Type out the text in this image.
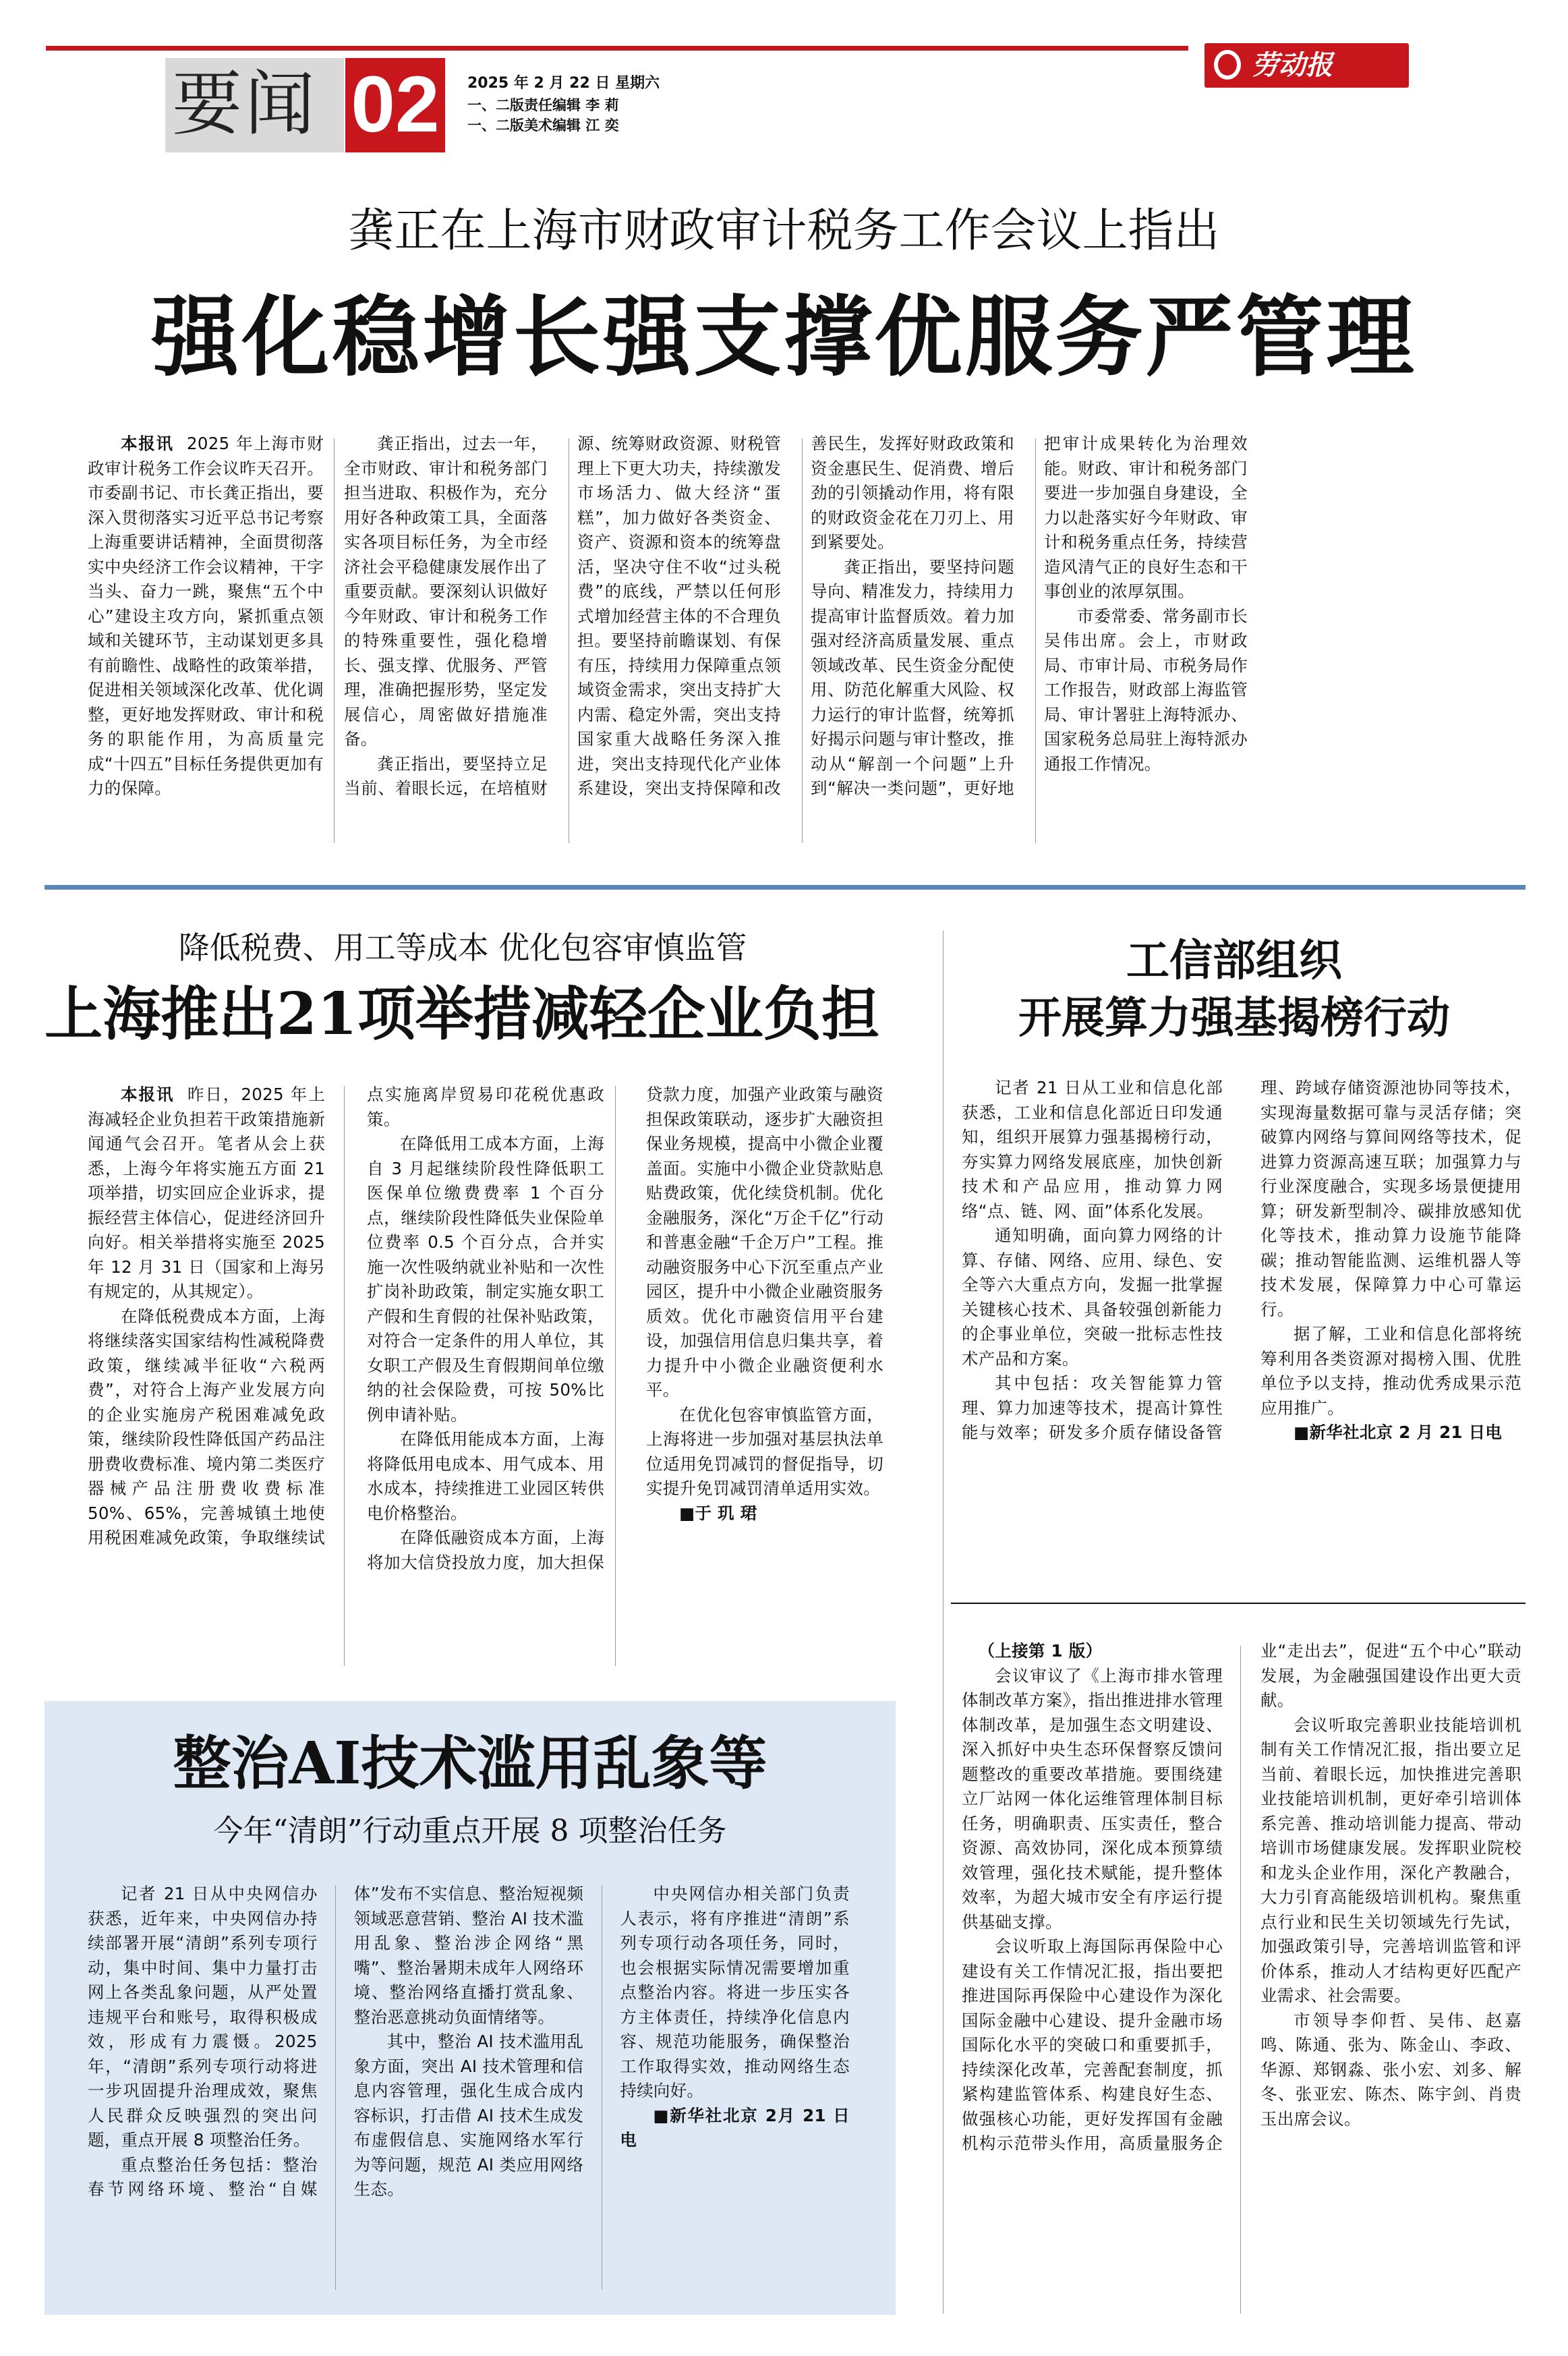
要闻 02	2025 年 2 月 22 日 星期六
一、二版责任编辑 李 莉
一、二版美术编辑 江 奕
劳动报
龚正在上海市财政审计税务工作会议上指出
强化稳增长强支撑优服务严管理

本报讯 2025 年上海市财政审计税务工作会议昨天召开。市委副书记、市长龚正指出，要深入贯彻落实习近平总书记考察上海重要讲话精神，全面贯彻落实中央经济工作会议精神，干字当头、奋力一跳，聚焦“五个中心”建设主攻方向，紧抓重点领域和关键环节，主动谋划更多具有前瞻性、战略性的政策举措，促进相关领域深化改革、优化调整，更好地发挥财政、审计和税务的职能作用，为高质量完成“十四五”目标任务提供更加有力的保障。

龚正指出，过去一年，全市财政、审计和税务部门担当进取、积极作为，充分用好各种政策工具，全面落实各项目标任务，为全市经济社会平稳健康发展作出了重要贡献。要深刻认识做好今年财政、审计和税务工作的特殊重要性，强化稳增长、强支撑、优服务、严管理，准确把握形势，坚定发展信心，周密做好措施准备。

龚正指出，要坚持立足当前、着眼长远，在培植财源、统筹财政资源、财税管理上下更大功夫，持续激发市场活力、做大经济“蛋糕”，加力做好各类资金、资产、资源和资本的统筹盘活，坚决守住不收“过头税费”的底线，严禁以任何形式增加经营主体的不合理负担。要坚持前瞻谋划、有保有压，持续用力保障重点领域资金需求，突出支持扩大内需、稳定外需，突出支持国家重大战略任务深入推进，突出支持现代化产业体系建设，突出支持保障和改善民生，发挥好财政政策和资金惠民生、促消费、增后劲的引领撬动作用，将有限的财政资金花在刀刃上、用到紧要处。

龚正指出，要坚持问题导向、精准发力，持续用力提高审计监督质效。着力加强对经济高质量发展、重点领域改革、民生资金分配使用、防范化解重大风险、权力运行的审计监督，统筹抓好揭示问题与审计整改，推动从“解剖一个问题”上升到“解决一类问题”，更好地把审计成果转化为治理效能。财政、审计和税务部门要进一步加强自身建设，全力以赴落实好今年财政、审计和税务重点任务，持续营造风清气正的良好生态和干事创业的浓厚氛围。

市委常委、常务副市长吴伟出席。会上，市财政局、市审计局、市税务局作工作报告，财政部上海监管局、审计署驻上海特派办、国家税务总局驻上海特派办通报工作情况。

降低税费、用工等成本 优化包容审慎监管
上海推出21项举措减轻企业负担

本报讯 昨日，2025 年上海减轻企业负担若干政策措施新闻通气会召开。笔者从会上获悉，上海今年将实施五方面 21 项举措，切实回应企业诉求，提振经营主体信心，促进经济回升向好。相关举措将实施至 2025 年 12 月 31 日（国家和上海另有规定的，从其规定）。

在降低税费成本方面，上海将继续落实国家结构性减税降费政策，继续减半征收“六税两费”，对符合上海产业发展方向的企业实施房产税困难减免政策，继续阶段性降低国产药品注册费收费标准、境内第二类医疗器械产品注册费收费标准 50%、65%，完善城镇土地使用税困难减免政策，争取继续试点实施离岸贸易印花税优惠政策。

在降低用工成本方面，上海自 3 月起继续阶段性降低职工医保单位缴费费率 1 个百分点，继续阶段性降低失业保险单位费率 0.5 个百分点，合并实施一次性吸纳就业补贴和一次性扩岗补助政策，制定实施女职工产假和生育假的社保补贴政策，对符合一定条件的用人单位，其女职工产假及生育假期间单位缴纳的社会保险费，可按 50%比例申请补贴。

在降低用能成本方面，上海将降低用电成本、用气成本、用水成本，持续推进工业园区转供电价格整治。

在降低融资成本方面，上海将加大信贷投放力度，加大担保贷款力度，加强产业政策与融资担保政策联动，逐步扩大融资担保业务规模，提高中小微企业覆盖面。实施中小微企业贷款贴息贴费政策，优化续贷机制。优化金融服务，深化“万企千亿”行动和普惠金融“千企万户”工程。推动融资服务中心下沉至重点产业园区，提升中小微企业融资服务质效。优化市融资信用平台建设，加强信用信息归集共享，着力提升中小微企业融资便利水平。

在优化包容审慎监管方面，上海将进一步加强对基层执法单位适用免罚减罚的督促指导，切实提升免罚减罚清单适用实效。

■于 玑 珺

工信部组织
开展算力强基揭榜行动

记者 21 日从工业和信息化部获悉，工业和信息化部近日印发通知，组织开展算力强基揭榜行动，夯实算力网络发展底座，加快创新技术和产品应用，推动算力网络“点、链、网、面”体系化发展。

通知明确，面向算力网络的计算、存储、网络、应用、绿色、安全等六大重点方向，发掘一批掌握关键核心技术、具备较强创新能力的企事业单位，突破一批标志性技术产品和方案。

其中包括：攻关智能算力管理、算力加速等技术，提高计算性能与效率；研发多介质存储设备管理、跨域存储资源池协同等技术，实现海量数据可靠与灵活存储；突破算内网络与算间网络等技术，促进算力资源高速互联；加强算力与行业深度融合，实现多场景便捷用算；研发新型制冷、碳排放感知优化等技术，推动算力设施节能降碳；推动智能监测、运维机器人等技术发展，保障算力中心可靠运行。

据了解，工业和信息化部将统筹利用各类资源对揭榜入围、优胜单位予以支持，推动优秀成果示范应用推广。

■新华社北京 2 月 21 日电

整治AI技术滥用乱象等
今年“清朗”行动重点开展 8 项整治任务

记者 21 日从中央网信办获悉，近年来，中央网信办持续部署开展“清朗”系列专项行动，集中时间、集中力量打击网上各类乱象问题，从严处置违规平台和账号，取得积极成效，形成有力震慑。2025 年，“清朗”系列专项行动将进一步巩固提升治理成效，聚焦人民群众反映强烈的突出问题，重点开展 8 项整治任务。

重点整治任务包括：整治春节网络环境、整治“自媒体”发布不实信息、整治短视频领域恶意营销、整治 AI 技术滥用乱象、整治涉企网络“黑嘴”、整治暑期未成年人网络环境、整治网络直播打赏乱象、整治恶意挑动负面情绪等。

其中，整治 AI 技术滥用乱象方面，突出 AI 技术管理和信息内容管理，强化生成合成内容标识，打击借 AI 技术生成发布虚假信息、实施网络水军行为等问题，规范 AI 类应用网络生态。

中央网信办相关部门负责人表示，将有序推进“清朗”系列专项行动各项任务，同时，也会根据实际情况需要增加重点整治内容。将进一步压实各方主体责任，持续净化信息内容、规范功能服务，确保整治工作取得实效，推动网络生态持续向好。

■新华社北京 2月 21 日电

（上接第 1 版）

会议审议了《上海市排水管理体制改革方案》，指出推进排水管理体制改革，是加强生态文明建设、深入抓好中央生态环保督察反馈问题整改的重要改革措施。要围绕建立厂站网一体化运维管理体制目标任务，明确职责、压实责任，整合资源、高效协同，深化成本预算绩效管理，强化技术赋能，提升整体效率，为超大城市安全有序运行提供基础支撑。

会议听取上海国际再保险中心建设有关工作情况汇报，指出要把推进国际再保险中心建设作为深化国际金融中心建设、提升金融市场国际化水平的突破口和重要抓手，持续深化改革，完善配套制度，抓紧构建监管体系、构建良好生态、做强核心功能，更好发挥国有金融机构示范带头作用，高质量服务企业“走出去”，促进“五个中心”联动发展，为金融强国建设作出更大贡献。

会议听取完善职业技能培训机制有关工作情况汇报，指出要立足当前、着眼长远，加快推进完善职业技能培训机制，更好牵引培训体系完善、推动培训能力提高、带动培训市场健康发展。发挥职业院校和龙头企业作用，深化产教融合，大力引育高能级培训机构。聚焦重点行业和民生关切领域先行先试，加强政策引导，完善培训监管和评价体系，推动人才结构更好匹配产业需求、社会需要。

市领导李仰哲、吴伟、赵嘉鸣、陈通、张为、陈金山、李政、华源、郑钢淼、张小宏、刘多、解冬、张亚宏、陈杰、陈宇剑、肖贵玉出席会议。
